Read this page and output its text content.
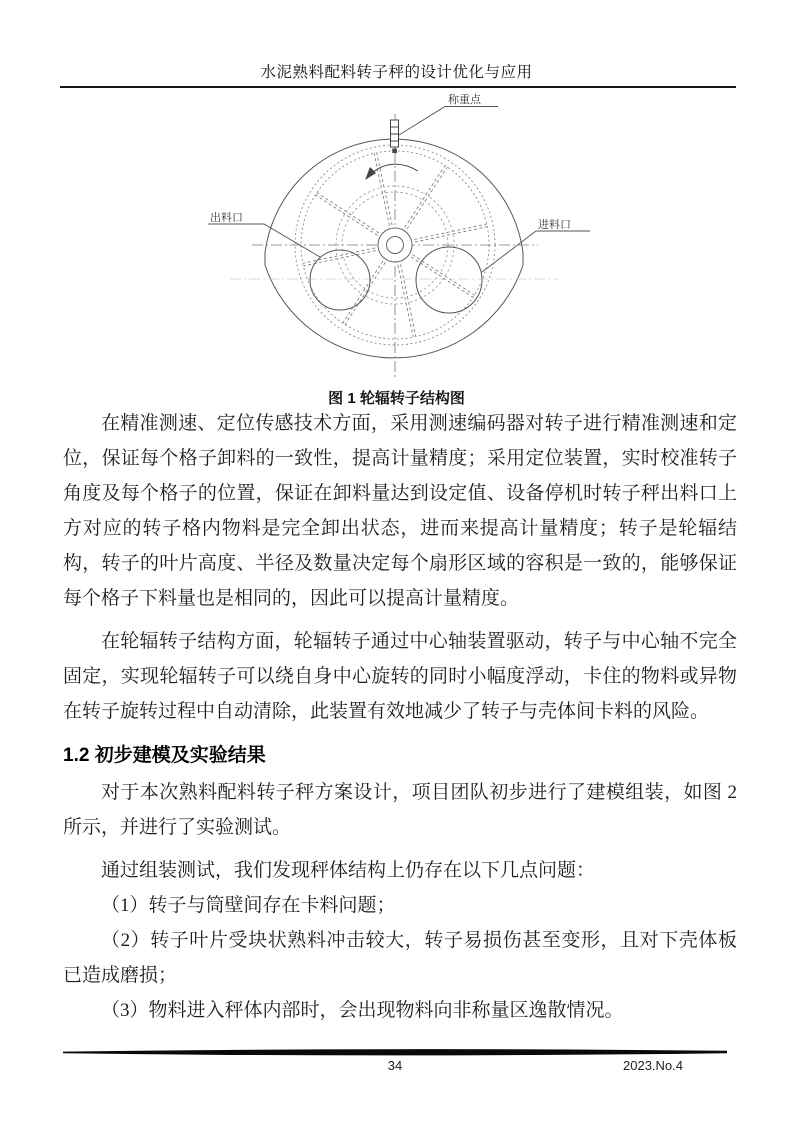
水泥熟料配料转子秤的设计优化与应用
称重点
出料口
进料口
图 1 轮辐转子结构图

在精准测速、定位传感技术方面，采用测速编码器对转子进行精准测速和定位，保证每个格子卸料的一致性，提高计量精度；采用定位装置，实时校准转子角度及每个格子的位置，保证在卸料量达到设定值、设备停机时转子秤出料口上方对应的转子格内物料是完全卸出状态，进而来提高计量精度；转子是轮辐结构，转子的叶片高度、半径及数量决定每个扇形区域的容积是一致的，能够保证每个格子下料量也是相同的，因此可以提高计量精度。

在轮辐转子结构方面，轮辐转子通过中心轴装置驱动，转子与中心轴不完全固定，实现轮辐转子可以绕自身中心旋转的同时小幅度浮动，卡住的物料或异物在转子旋转过程中自动清除，此装置有效地减少了转子与壳体间卡料的风险。

1.2 初步建模及实验结果

对于本次熟料配料转子秤方案设计，项目团队初步进行了建模组装，如图 2所示，并进行了实验测试。

通过组装测试，我们发现秤体结构上仍存在以下几点问题：

（1）转子与筒壁间存在卡料问题；

（2）转子叶片受块状熟料冲击较大，转子易损伤甚至变形，且对下壳体板已造成磨损；

（3）物料进入秤体内部时，会出现物料向非称量区逸散情况。

34	2023.No.4
